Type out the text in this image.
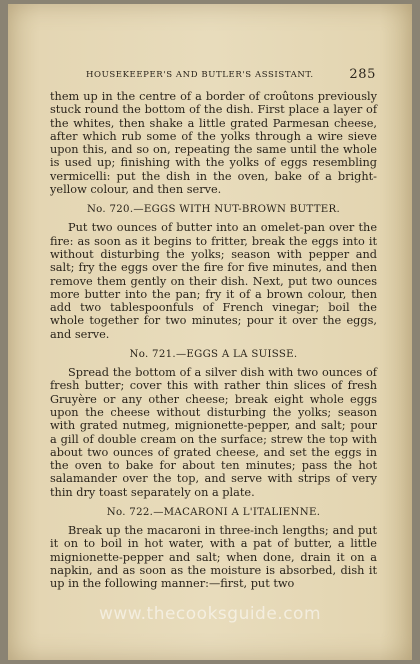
HOUSEKEEPER'S AND BUTLER'S ASSISTANT.	285

them up in the centre of a border of croûtons previously stuck round the bottom of the dish. First place a layer of the whites, then shake a little grated Parmesan cheese, after which rub some of the yolks through a wire sieve upon this, and so on, repeating the same until the whole is used up; finishing with the yolks of eggs resembling vermicelli: put the dish in the oven, bake of a bright-yellow colour, and then serve.

No. 720.—EGGS WITH NUT-BROWN BUTTER.

Put two ounces of butter into an omelet-pan over the fire: as soon as it begins to fritter, break the eggs into it without disturbing the yolks; season with pepper and salt; fry the eggs over the fire for five minutes, and then remove them gently on their dish. Next, put two ounces more butter into the pan; fry it of a brown colour, then add two tablespoonfuls of French vinegar; boil the whole together for two minutes; pour it over the eggs, and serve.

No. 721.—EGGS A LA SUISSE.

Spread the bottom of a silver dish with two ounces of fresh butter; cover this with rather thin slices of fresh Gruyère or any other cheese; break eight whole eggs upon the cheese without disturbing the yolks; season with grated nutmeg, mignionette-pepper, and salt; pour a gill of double cream on the surface; strew the top with about two ounces of grated cheese, and set the eggs in the oven to bake for about ten minutes; pass the hot salamander over the top, and serve with strips of very thin dry toast separately on a plate.

No. 722.—MACARONI A L'ITALIENNE.

Break up the macaroni in three-inch lengths; and put it on to boil in hot water, with a pat of butter, a little mignionette-pepper and salt; when done, drain it on a napkin, and as soon as the moisture is absorbed, dish it up in the following manner:—first, put two

www.thecooksguide.com
